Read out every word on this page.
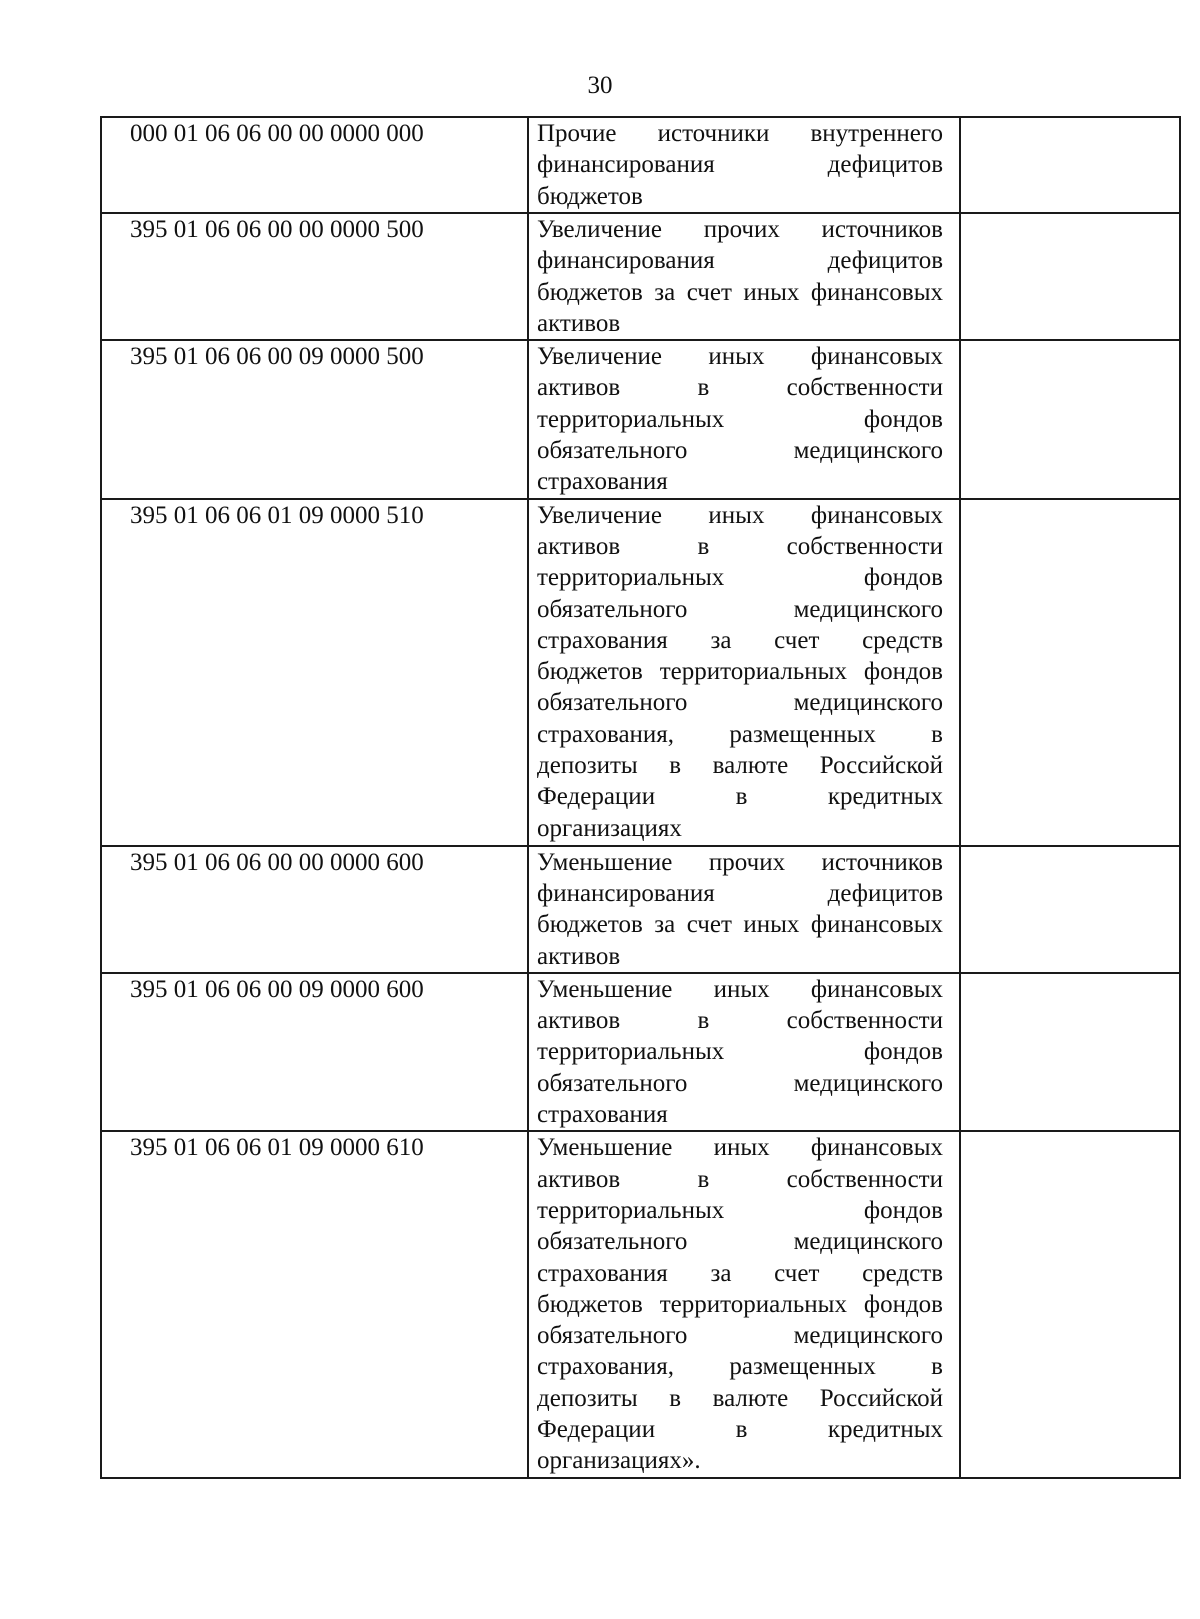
30
000 01 06 06 00 00 0000 000	Прочие источники внутреннего финансирования дефицитов бюджетов	
395 01 06 06 00 00 0000 500	Увеличение прочих источников финансирования дефицитов бюджетов за счет иных финансовых активов	
395 01 06 06 00 09 0000 500	Увеличение иных финансовых активов в собственности территориальных фондов обязательного медицинского страхования	
395 01 06 06 01 09 0000 510	Увеличение иных финансовых активов в собственности территориальных фондов обязательного медицинского страхования за счет средств бюджетов территориальных фондов обязательного медицинского страхования, размещенных в депозиты в валюте Российской Федерации в кредитных организациях	
395 01 06 06 00 00 0000 600	Уменьшение прочих источников финансирования дефицитов бюджетов за счет иных финансовых активов	
395 01 06 06 00 09 0000 600	Уменьшение иных финансовых активов в собственности территориальных фондов обязательного медицинского страхования	
395 01 06 06 01 09 0000 610	Уменьшение иных финансовых активов в собственности территориальных фондов обязательного медицинского страхования за счет средств бюджетов территориальных фондов обязательного медицинского страхования, размещенных в депозиты в валюте Российской Федерации в кредитных организациях».	
